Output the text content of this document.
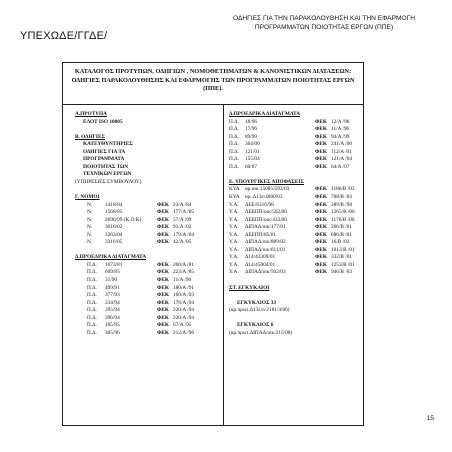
ΥΠΕΧΩΔΕ/ΓΓΔΕ/
ΟΔΗΓΙΕΣ ΓΙΑ ΤΗΝ ΠΑΡΑΚΟΛΟΥΘΗΣΗ ΚΑΙ ΤΗΝ ΕΦΑΡΜΟΓΗ
ΠΡΟΓΡΑΜΜΑΤΩΝ ΠΟΙΟΤΗΤΑΣ ΕΡΓΩΝ (ΠΠΕ)
ΚΑΤΑΛΟΓΟΣ ΠΡΟΤΥΠΩΝ, ΟΔΗΓΙΩΝ , ΝΟΜΟΘΕΤΗΜΑΤΩΝ & ΚΑΝΟΝΙΣΤΙΚΩΝ ΔΙΑΤΑΞΕΩΝ:
ΟΔΗΓΙΕΣ ΠΑΡΑΚΟΛΟΥΘΗΣΗΣ ΚΑΙ ΕΦΑΡΜΟΓΗΣ ΤΩΝ ΠΡΟΓΡΑΜΜΑΤΩΝ ΠΟΙΟΤΗΤΑΣ ΕΡΓΩΝ
(ΠΠΕ).
Α.ΠΡΟΤΥΠΑ
ΕΛΟΤ ISO 10005
Β. ΟΔΗΓΙΕΣ
ΚΑΤΕΥΘΥΝΤΗΡΙΕΣ
ΟΔΗΓΙΕΣ ΓΙΑ ΤΑ
ΠΡΟΓΡΑΜΜΑΤΑ
ΠΟΙΟΤΗΤΑΣ ΤΩΝ
ΤΕΧΝΙΚΩΝ ΕΡΓΩΝ
(ΥΠΗΡΕΣΙΕΣ ΣΥΜΒΟΥΛΟΥ)
Γ. ΝΟΜΟΙ
Ν. 1418/84	ΦΕΚ 23/Α /84
Ν. 1568/85	ΦΕΚ 177/Α /85
Ν. 2696/99 (Κ.Ο.Κ)	ΦΕΚ 57/Α /99
Ν. 3010/02	ΦΕΚ 91/Α /02
Ν. 3263/04	ΦΕΚ 179/Α /04
Ν. 3316/05	ΦΕΚ 42/Α /05
Δ.ΠΡΟΕΔΡΙΚΑ ΔΙΑΤΑΓΜΑΤΑ
Π.Δ. 1073/81	ΦΕΚ 260/Α /81
Π.Δ. 609/85	ΦΕΚ 223/Α /85
Π.Δ. 31/90	ΦΕΚ 11/Α /90
Π.Δ. 499/91	ΦΕΚ 180/Α /91
Π.Δ. 377/93	ΦΕΚ 160/Α /93
Π.Δ. 334/94	ΦΕΚ 176/Α /94
Π.Δ. 395/94	ΦΕΚ 220/Α /94
Π.Δ. 396/94	ΦΕΚ 220/Α /94
Π.Δ. 105/95	ΦΕΚ 67/Α /95
Π.Δ. 305/96	ΦΕΚ 212/Α /96
Δ.ΠΡΟΕΔΡΙΚΑ ΔΙΑΤΑΓΜΑΤΑ
Π.Δ. 18/96	ΦΕΚ 12/Α /96
Π.Δ. 17/96	ΦΕΚ 11/Α /96
Π.Δ. 89/99	ΦΕΚ 94/Α /99
Π.Δ. 304/00	ΦΕΚ 241/Α /00
Π.Δ. 121/01	ΦΕΚ 112/Α /01
Π.Δ. 155/04	ΦΕΚ 121/Α /04
Π.Δ. 60/07	ΦΕΚ 64/Α /07
Ε. ΥΠΟΥΡΓΙΚΕΣ ΑΠΟΦΑΣΕΙΣ
ΚΥΑ αρ.οικ.15085/593/03	ΦΕΚ 1186/Β /03
ΚΥΑ αρ. Δ13ε/4800/03	ΦΕΚ 708/Β /03
Υ.Α. ΔΕΕ/6316/98	ΦΕΚ 289/Β /98
Υ.Α. ΔΕΕΠΠ/οικ/502/00	ΦΕΚ 1265/Β /00
Υ.Α. ΔΕΕΠΠ/οικ/433/00	ΦΕΚ 1176/Β /00
Υ.Α. ΔΙΠΑΔ/οικ/177/01	ΦΕΚ 266/Β /01
Υ.Α. ΔΕΕΠΠ/85/01	ΦΕΚ 686/Β /01
Υ.Α. ΔΙΠΑΔ/οικ/889/02	ΦΕΚ 16/Β /02
Υ.Α. ΔΙΠΑΔ/οικ/611/01	ΦΕΚ 1013/Β /01
Υ.Α. Δ14/43309/01	ΦΕΚ 332/Β /01
Υ.Α. Δ14/45004/01	ΦΕΚ 1253/Β /01
Υ.Α. ΔΙΠΑΔ/οικ/502/03	ΦΕΚ 946/Β /03
ΣΤ. ΕΓΚΥΚΛΙΟΙ
ΕΓΚΥΚΛΙΟΣ 33
(αρ.πρωτ.Δ13ε/ο/2181/4/06)
ΕΓΚΥΚΛΙΟΣ 6
(αρ.πρωτ.ΔΙΠΑΔ/οικ/215/08)
15
